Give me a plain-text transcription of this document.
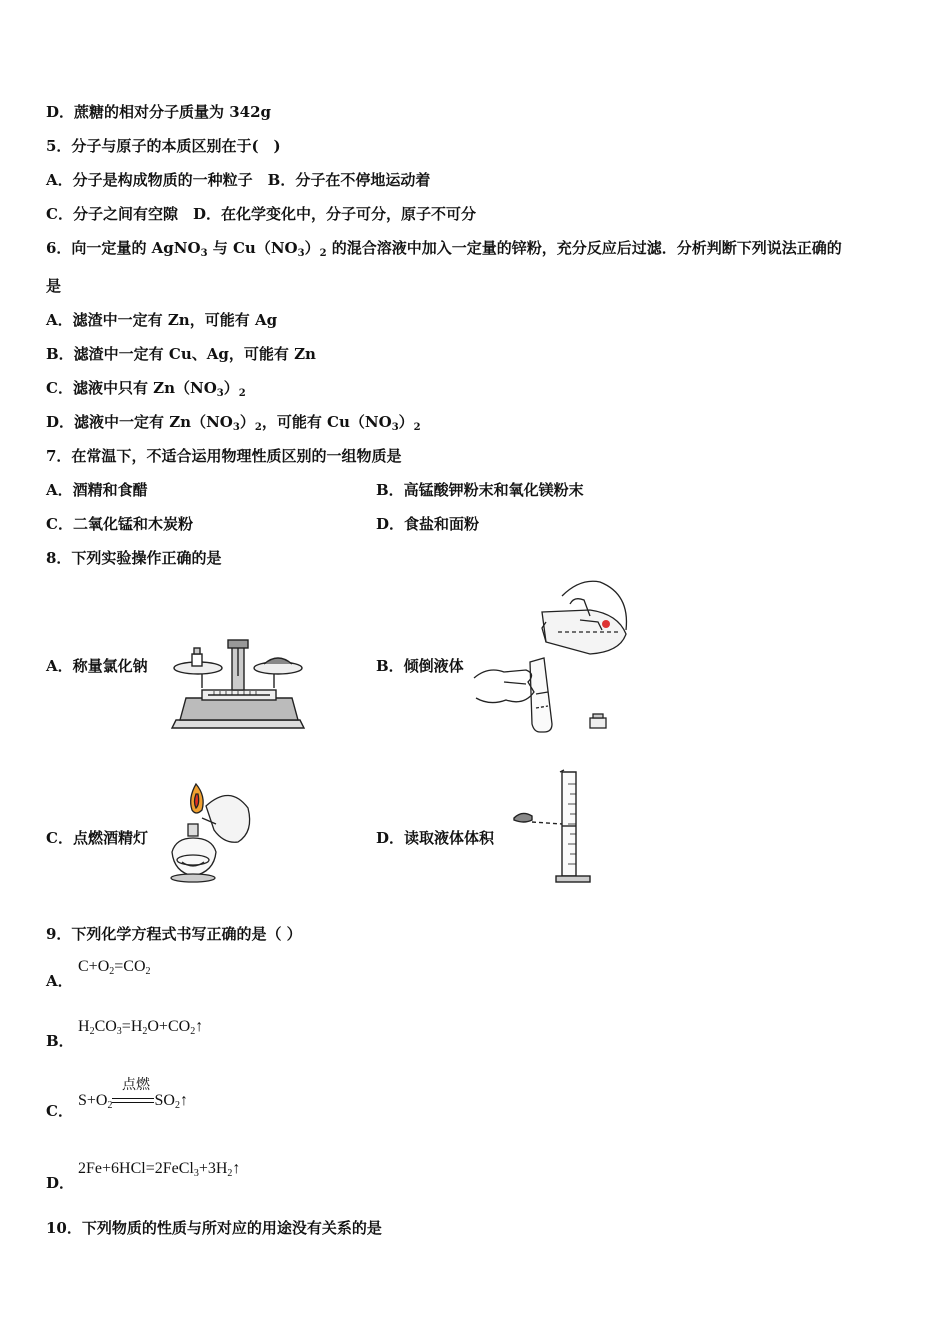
D．蔗糖的相对分子质量为 342g
5．分子与原子的本质区别在于(　)
A．分子是构成物质的一种粒子　B．分子在不停地运动着
C．分子之间有空隙　D．在化学变化中，分子可分，原子不可分
6．向一定量的 AgNO$_3$ 与 $Cu(NO_3)_2$ 的混合溶液中加入一定量的锌粉，充分反应后过滤．分析判断下列说法正确的
是
A．滤渣中一定有 Zn，可能有 Ag
B．滤渣中一定有 Cu、Ag，可能有 Zn
C．滤液中只有 $Zn(NO_3)_2$
D．滤液中一定有 $Zn(NO_3)_2$，可能有 $Cu(NO_3)_2$
7．在常温下，不适合运用物理性质区别的一组物质是
A．酒精和食醋	B．高锰酸钾粉末和氧化镁粉末
C．二氧化锰和木炭粉	D．食盐和面粉
8．下列实验操作正确的是
A．称量氯化钠	B．倾倒液体
C．点燃酒精灯	D．读取液体体积
9．下列化学方程式书写正确的是（ ）
A．
$C+O_2=CO_2$
B．
$H_2CO_3=H_2O+CO_2↑$
C．
$S+O_2$	$SO_2↑$
点燃
D．
$2Fe+6HCl=2FeCl_3+3H_2↑$
10．下列物质的性质与所对应的用途没有关系的是
